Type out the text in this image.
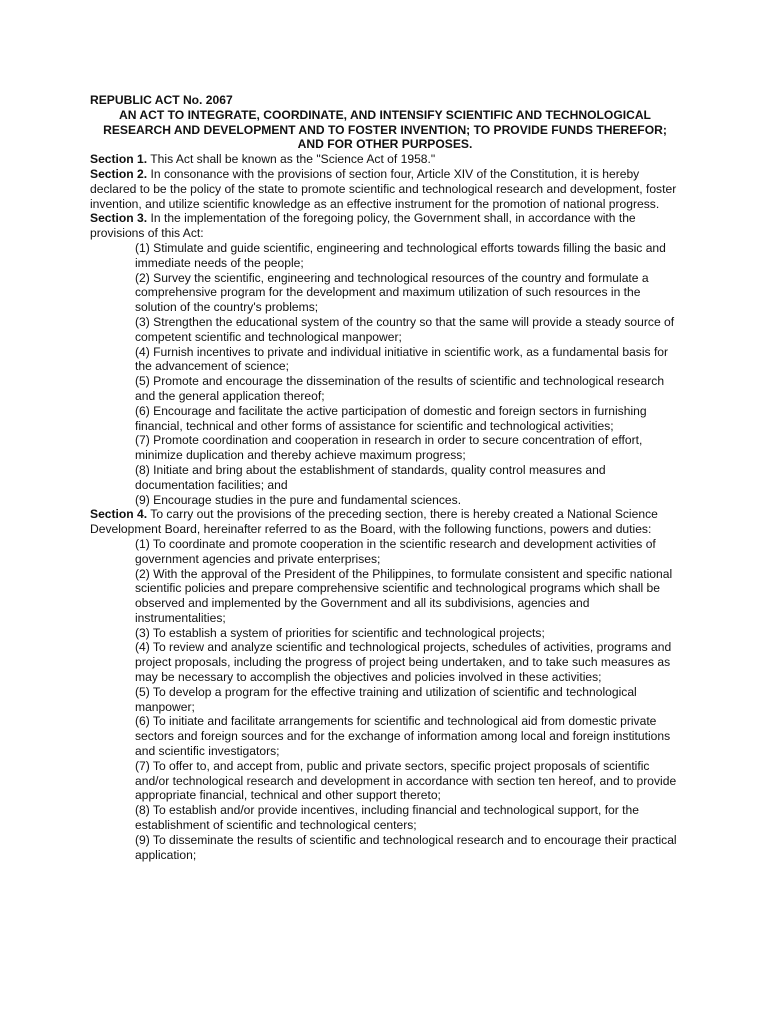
REPUBLIC ACT No. 2067
AN ACT TO INTEGRATE, COORDINATE, AND INTENSIFY SCIENTIFIC AND TECHNOLOGICAL RESEARCH AND DEVELOPMENT AND TO FOSTER INVENTION; TO PROVIDE FUNDS THEREFOR; AND FOR OTHER PURPOSES.

Section 1. This Act shall be known as the "Science Act of 1958."

Section 2. In consonance with the provisions of section four, Article XIV of the Constitution, it is hereby declared to be the policy of the state to promote scientific and technological research and development, foster invention, and utilize scientific knowledge as an effective instrument for the promotion of national progress.

Section 3. In the implementation of the foregoing policy, the Government shall, in accordance with the provisions of this Act:

(1) Stimulate and guide scientific, engineering and technological efforts towards filling the basic and immediate needs of the people;

(2) Survey the scientific, engineering and technological resources of the country and formulate a comprehensive program for the development and maximum utilization of such resources in the solution of the country's problems;

(3) Strengthen the educational system of the country so that the same will provide a steady source of competent scientific and technological manpower;

(4) Furnish incentives to private and individual initiative in scientific work, as a fundamental basis for the advancement of science;

(5) Promote and encourage the dissemination of the results of scientific and technological research and the general application thereof;

(6) Encourage and facilitate the active participation of domestic and foreign sectors in furnishing financial, technical and other forms of assistance for scientific and technological activities;

(7) Promote coordination and cooperation in research in order to secure concentration of effort, minimize duplication and thereby achieve maximum progress;

(8) Initiate and bring about the establishment of standards, quality control measures and documentation facilities; and

(9) Encourage studies in the pure and fundamental sciences.

Section 4. To carry out the provisions of the preceding section, there is hereby created a National Science Development Board, hereinafter referred to as the Board, with the following functions, powers and duties:

(1) To coordinate and promote cooperation in the scientific research and development activities of government agencies and private enterprises;

(2) With the approval of the President of the Philippines, to formulate consistent and specific national scientific policies and prepare comprehensive scientific and technological programs which shall be observed and implemented by the Government and all its subdivisions, agencies and instrumentalities;

(3) To establish a system of priorities for scientific and technological projects;

(4) To review and analyze scientific and technological projects, schedules of activities, programs and project proposals, including the progress of project being undertaken, and to take such measures as may be necessary to accomplish the objectives and policies involved in these activities;

(5) To develop a program for the effective training and utilization of scientific and technological manpower;

(6) To initiate and facilitate arrangements for scientific and technological aid from domestic private sectors and foreign sources and for the exchange of information among local and foreign institutions and scientific investigators;

(7) To offer to, and accept from, public and private sectors, specific project proposals of scientific and/or technological research and development in accordance with section ten hereof, and to provide appropriate financial, technical and other support thereto;

(8) To establish and/or provide incentives, including financial and technological support, for the establishment of scientific and technological centers;

(9) To disseminate the results of scientific and technological research and to encourage their practical application;
